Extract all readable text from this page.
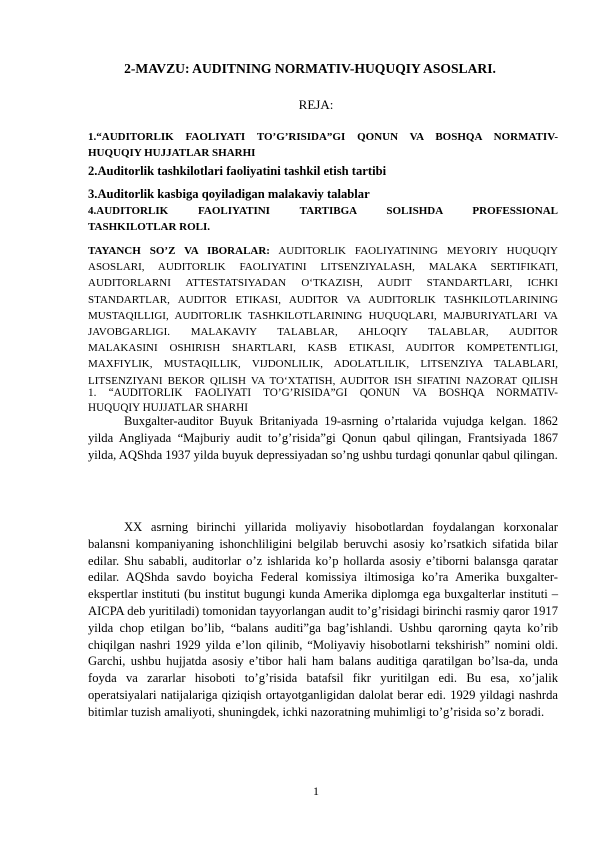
2-MAVZU: AUDITNING NORMATIV-HUQUQIY ASOSLARI.

REJA:

1.“AUDITORLIK FAOLIYATI TO’G’RISIDA”GI QONUN VA BOSHQA NORMATIV-
HUQUQIY HUJJATLAR SHARHI

2.Auditorlik tashkilotlari faoliyatini tashkil etish tartibi

3.Auditorlik kasbiga qoyiladigan malakaviy talablar

4.AUDITORLIK FAOLIYATINI TARTIBGA SOLISHDA PROFESSIONAL
TASHKILOTLAR ROLI.
TAYANCH SO’Z VA IBORALAR: AUDITORLIK FAOLIYATINING MEYORIY HUQUQIY
ASOSLARI, AUDITORLIK FAOLIYATINI LITSENZIYALASH, MALAKA SERTIFIKATI,
AUDITORLARNI ATTESTATSIYADAN O‘TKAZISH, AUDIT STANDARTLARI, ICHKI
STANDARTLAR, AUDITOR ETIKASI, AUDITOR VA AUDITORLIK TASHKILOTLARINING
MUSTAQILLIGI, AUDITORLIK TASHKILOTLARINING HUQUQLARI, MAJBURIYATLARI VA
JAVOBGARLIGI. MALAKAVIY TALABLAR, AHLOQIY TALABLAR, AUDITOR
MALAKASINI OSHIRISH SHARTLARI, KASB ETIKASI, AUDITOR KOMPETENTLIGI,
MAXFIYLIK, MUSTAQILLIK, VIJDONLILIK, ADOLATLILIK, LITSENZIYA TALABLARI,
LITSENZIYANI BEKOR QILISH VA TO‘XTATISH, AUDITOR ISH SIFATINI NAZORAT QILISH
1. “AUDITORLIK FAOLIYATI TO’G’RISIDA”GI QONUN VA BOSHQA NORMATIV-
HUQUQIY HUJJATLAR SHARHI

Buxgalter-auditor Buyuk Britaniyada 19-asrning o’rtalarida vujudga kelgan. 1862 yilda Angliyada “Majburiy audit to’g’risida”gi Qonun qabul qilingan, Frantsiyada 1867 yilda, AQShda 1937 yilda buyuk depressiyadan so’ng ushbu turdagi qonunlar qabul qilingan.

XX asrning birinchi yillarida moliyaviy hisobotlardan foydalangan korxonalar balansni kompaniyaning ishonchliligini belgilab beruvchi asosiy ko’rsatkich sifatida bilar edilar. Shu sababli, auditorlar o’z ishlarida ko’p hollarda asosiy e’tiborni balansga qaratar edilar. AQShda savdo boyicha Federal komissiya iltimosiga ko’ra Amerika buxgalter-ekspertlar instituti (bu institut bugungi kunda Amerika diplomga ega buxgalterlar instituti – AICPA deb yuritiladi) tomonidan tayyorlangan audit to’g’risidagi birinchi rasmiy qaror 1917 yilda chop etilgan bo’lib, “balans auditi”ga bag’ishlandi. Ushbu qarorning qayta ko’rib chiqilgan nashri 1929 yilda e’lon qilinib, “Moliyaviy hisobotlarni tekshirish” nomini oldi. Garchi, ushbu hujjatda asosiy e’tibor hali ham balans auditiga qaratilgan bo’lsa-da, unda foyda va zararlar hisoboti to’g’risida batafsil fikr yuritilgan edi. Bu esa, xo’jalik operatsiyalari natijalariga qiziqish ortayotganligidan dalolat berar edi. 1929 yildagi nashrda bitimlar tuzish amaliyoti, shuningdek, ichki nazoratning muhimligi to’g’risida so’z boradi.

1
